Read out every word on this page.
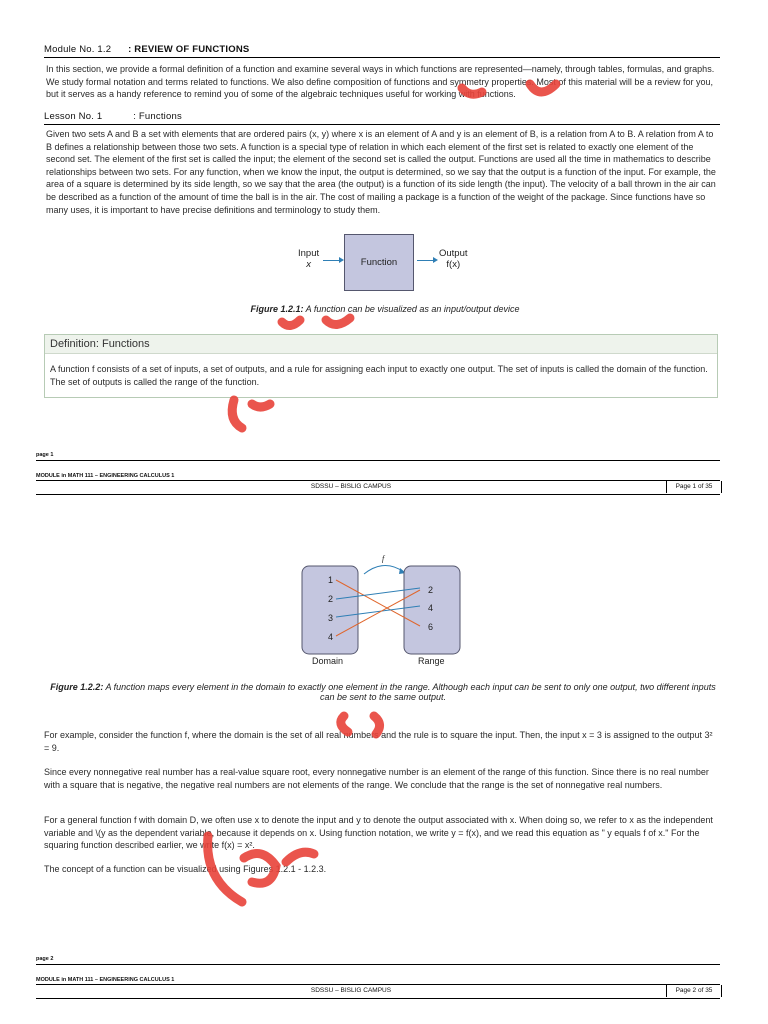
Module No. 1.2 : REVIEW OF FUNCTIONS
In this section, we provide a formal definition of a function and examine several ways in which functions are represented—namely, through tables, formulas, and graphs. We study formal notation and terms related to functions. We also define composition of functions and symmetry properties. Most of this material will be a review for you, but it serves as a handy reference to remind you of some of the algebraic techniques useful for working with functions.
Lesson No. 1	: Functions
Given two sets A and B a set with elements that are ordered pairs (x, y) where x is an element of A and y is an element of B, is a relation from A to B. A relation from A to B defines a relationship between those two sets. A function is a special type of relation in which each element of the first set is related to exactly one element of the second set. The element of the first set is called the input; the element of the second set is called the output. Functions are used all the time in mathematics to describe relationships between two sets. For any function, when we know the input, the output is determined, so we say that the output is a function of the input. For example, the area of a square is determined by its side length, so we say that the area (the output) is a function of its side length (the input). The velocity of a ball thrown in the air can be described as a function of the amount of time the ball is in the air. The cost of mailing a package is a function of the weight of the package. Since functions have so many uses, it is important to have precise definitions and terminology to study them.
Input
x	Function
Output
f(x)
Figure 1.2.1: A function can be visualized as an input/output device
Definition: Functions
A function f consists of a set of inputs, a set of outputs, and a rule for assigning each input to exactly one output. The set of inputs is called the domain of the function. The set of outputs is called the range of the function.
page 1
MODULE in MATH 111 – ENGINEERING CALCULUS 1
SDSSU – BISLIG CAMPUS	Page 1 of 35
f
1
2
3
4
2
4
6
Domain	Range
Figure 1.2.2: A function maps every element in the domain to exactly one element in the range. Although each input can be sent to only one output, two different inputs can be sent to the same output.
For example, consider the function f, where the domain is the set of all real numbers and the rule is to square the input. Then, the input x = 3 is assigned to the output 3² = 9.
Since every nonnegative real number has a real-value square root, every nonnegative number is an element of the range of this function. Since there is no real number with a square that is negative, the negative real numbers are not elements of the range. We conclude that the range is the set of nonnegative real numbers.
For a general function f with domain D, we often use x to denote the input and y to denote the output associated with x. When doing so, we refer to x as the independent variable and \(y as the dependent variable, because it depends on x. Using function notation, we write y = f(x), and we read this equation as " y equals f of x." For the squaring function described earlier, we write f(x) = x².
The concept of a function can be visualized using Figures 1.2.1 - 1.2.3.
page 2
MODULE in MATH 111 – ENGINEERING CALCULUS 1
SDSSU – BISLIG CAMPUS	Page 2 of 35
